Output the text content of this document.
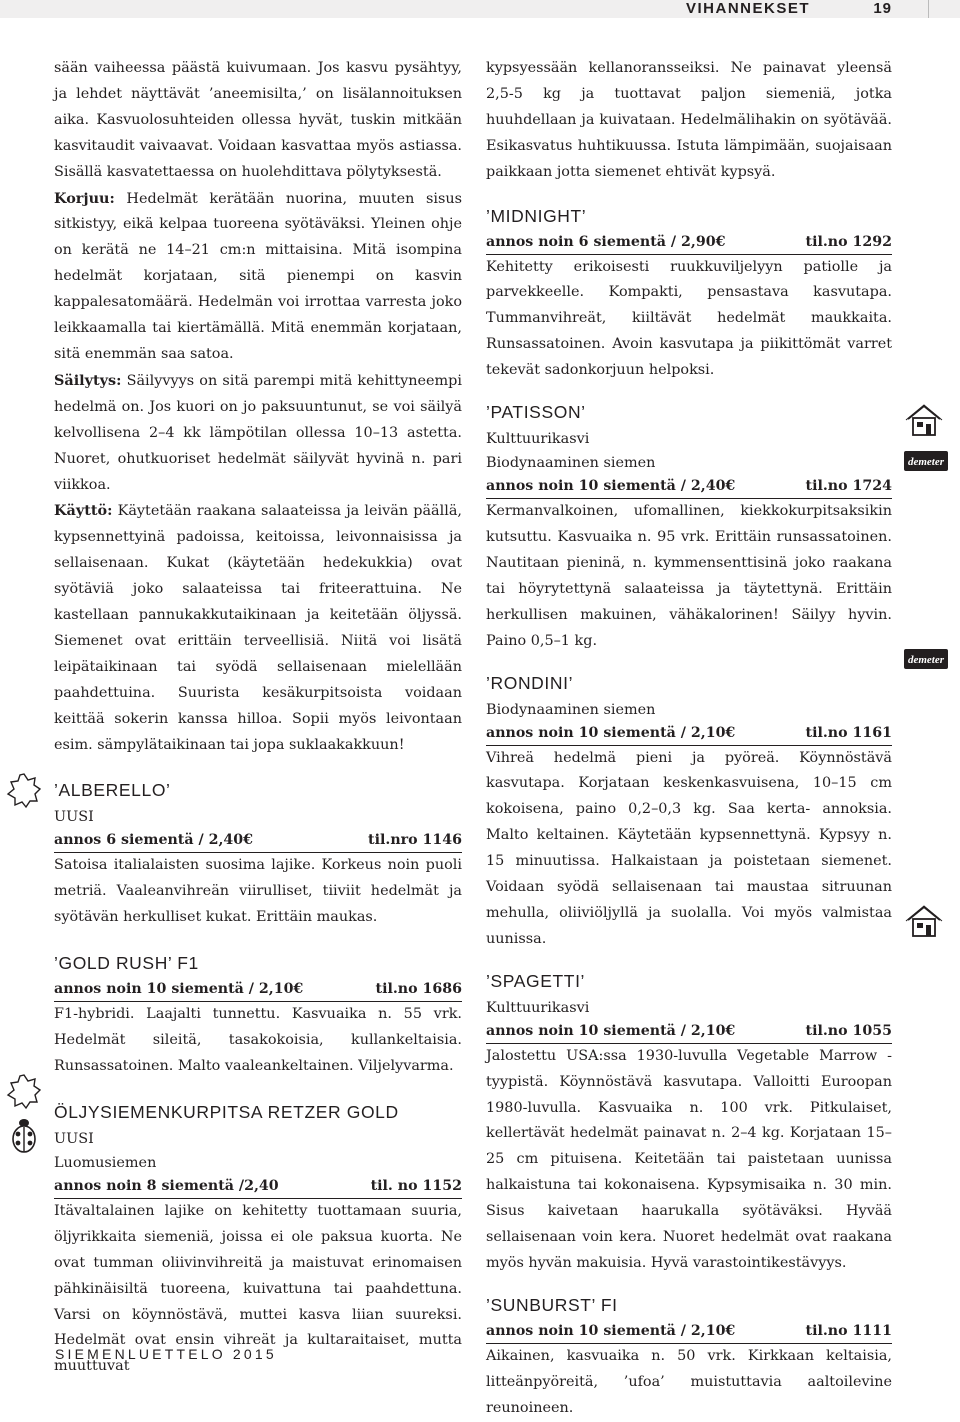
VIHANNEKSET	19

sään vaiheessa päästä kuivumaan. Jos kasvu pysähtyy, ja lehdet näyttävät ’aneemisilta,’ on lisälannoituksen aika. Kasvuolosuhteiden ollessa hyvät, tuskin mitkään kasvitaudit vaivaavat. Voidaan kasvattaa myös astiassa. Sisällä kasvatettaessa on huolehdittava pölytyksestä.

Korjuu: Hedelmät kerätään nuorina, muuten sisus sitkistyy, eikä kelpaa tuoreena syötäväksi. Yleinen ohje on kerätä ne 14–21 cm:n mittaisina. Mitä isompina hedelmät korjataan, sitä pienempi on kasvin kappalesatomäärä. Hedelmän voi irrottaa varresta joko leikkaamalla tai kiertämällä. Mitä enemmän korjataan, sitä enemmän saa satoa.

Säilytys: Säilyvyys on sitä parempi mitä kehittyneempi hedelmä on. Jos kuori on jo paksuuntunut, se voi säilyä kelvollisena 2–4 kk lämpötilan ollessa 10–13 astetta. Nuoret, ohutkuoriset hedelmät säilyvät hyvinä n. pari viikkoa.

Käyttö: Käytetään raakana salaateissa ja leivän päällä, kypsennettyinä padoissa, keitoissa, leivonnaisissa ja sellaisenaan. Kukat (käytetään hedekukkia) ovat syötäviä joko salaateissa tai friteerattuina. Ne kastellaan pannukakkutaikinaan ja keitetään öljyssä. Siemenet ovat erittäin terveellisiä. Niitä voi lisätä leipätaikinaan tai syödä sellaisenaan mielellään paahdettuina. Suurista kesäkurpitsoista voidaan keittää sokerin kanssa hilloa. Sopii myös leivontaan esim. sämpylätaikinaan tai jopa suklaakakkuun!

’ALBERELLO’

UUSI

annos 6 siementä / 2,40€	til.nro 1146

Satoisa italialaisten suosima lajike. Korkeus noin puoli metriä. Vaaleanvihreän viirulliset, tiiviit hedelmät ja syötävän herkulliset kukat. Erittäin maukas.

’GOLD RUSH’ F1

annos noin 10 siementä / 2,10€	til.no 1686

F1-hybridi. Laajalti tunnettu. Kasvuaika n. 55 vrk. Hedelmät sileitä, tasakokoisia, kullankeltaisia. Runsassatoinen. Malto vaaleankeltainen. Viljelyvarma.

ÖLJYSIEMENKURPITSA RETZER GOLD

UUSI

Luomusiemen

annos noin 8 siementä /2,40	til. no 1152

Itävaltalainen lajike on kehitetty tuottamaan suuria, öljyrikkaita siemeniä, joissa ei ole paksua kuorta. Ne ovat tumman oliivinvihreitä ja maistuvat erinomaisen pähkinäisiltä tuoreena, kuivattuna tai paahdettuna. Varsi on köynnöstävä, muttei kasva liian suureksi. Hedelmät ovat ensin vihreät ja kultaraitaiset, mutta muuttuvat

kypsyessään kellanoransseiksi. Ne painavat yleensä 2,5-5 kg ja tuottavat paljon siemeniä, jotka huuhdellaan ja kuivataan. Hedelmälihakin on syötävää. Esikasvatus huhtikuussa. Istuta lämpimään, suojaisaan paikkaan jotta siemenet ehtivät kypsyä.

’MIDNIGHT’

annos noin 6 siementä / 2,90€	til.no 1292

Kehitetty erikoisesti ruukkuviljelyyn patiolle ja parvekkeelle. Kompakti, pensastava kasvutapa. Tummanvihreät, kiiltävät hedelmät maukkaita. Runsassatoinen. Avoin kasvutapa ja piikittömät varret tekevät sadonkorjuun helpoksi.

’PATISSON’

Kulttuurikasvi

Biodynaaminen siemen

annos noin 10 siementä / 2,40€	til.no 1724

Kermanvalkoinen, ufomallinen, kiekkokurpitsaksikin kutsuttu. Kasvuaika n. 95 vrk. Erittäin runsassatoinen. Nautitaan pieninä, n. kymmensenttisinä joko raakana tai höyrytettynä salaateissa ja täytettynä. Erittäin herkullisen makuinen, vähäkalorinen! Säilyy hyvin. Paino 0,5–1 kg.

’RONDINI’

Biodynaaminen siemen

annos noin 10 siementä / 2,10€	til.no 1161

Vihreä hedelmä pieni ja pyöreä. Köynnöstävä kasvutapa. Korjataan keskenkasvuisena, 10–15 cm kokoisena, paino 0,2–0,3 kg. Saa kerta- annoksia. Malto keltainen. Käytetään kypsennettynä. Kypsyy n. 15 minuutissa. Halkaistaan ja poistetaan siemenet. Voidaan syödä sellaisenaan tai maustaa sitruunan mehulla, oliiviöljyllä ja suolalla. Voi myös valmistaa uunissa.

’SPAGETTI’

Kulttuurikasvi

annos noin 10 siementä / 2,10€	til.no 1055

Jalostettu USA:ssa 1930-luvulla Vegetable Marrow -tyypistä. Köynnöstävä kasvutapa. Valloitti Euroopan 1980-luvulla. Kasvuaika n. 100 vrk. Pitkulaiset, kellertävät hedelmät painavat n. 2–4 kg. Korjataan 15–25 cm pituisena. Keitetään tai paistetaan uunissa halkaistuna tai kokonaisena. Kypsymisaika n. 30 min. Sisus kaivetaan haarukalla syötäväksi. Hyvää sellaisenaan voin kera. Nuoret hedelmät ovat raakana myös hyvän makuisia. Hyvä varastointikestävyys.

’SUNBURST’ FI

annos noin 10 siementä / 2,10€	til.no 1111

Aikainen, kasvuaika n. 50 vrk. Kirkkaan keltaisia, litteänpyöreitä, ’ufoa’ muistuttavia aaltoilevine reunoineen.

demeter
demeter
SIEMENLUETTELO 2015
